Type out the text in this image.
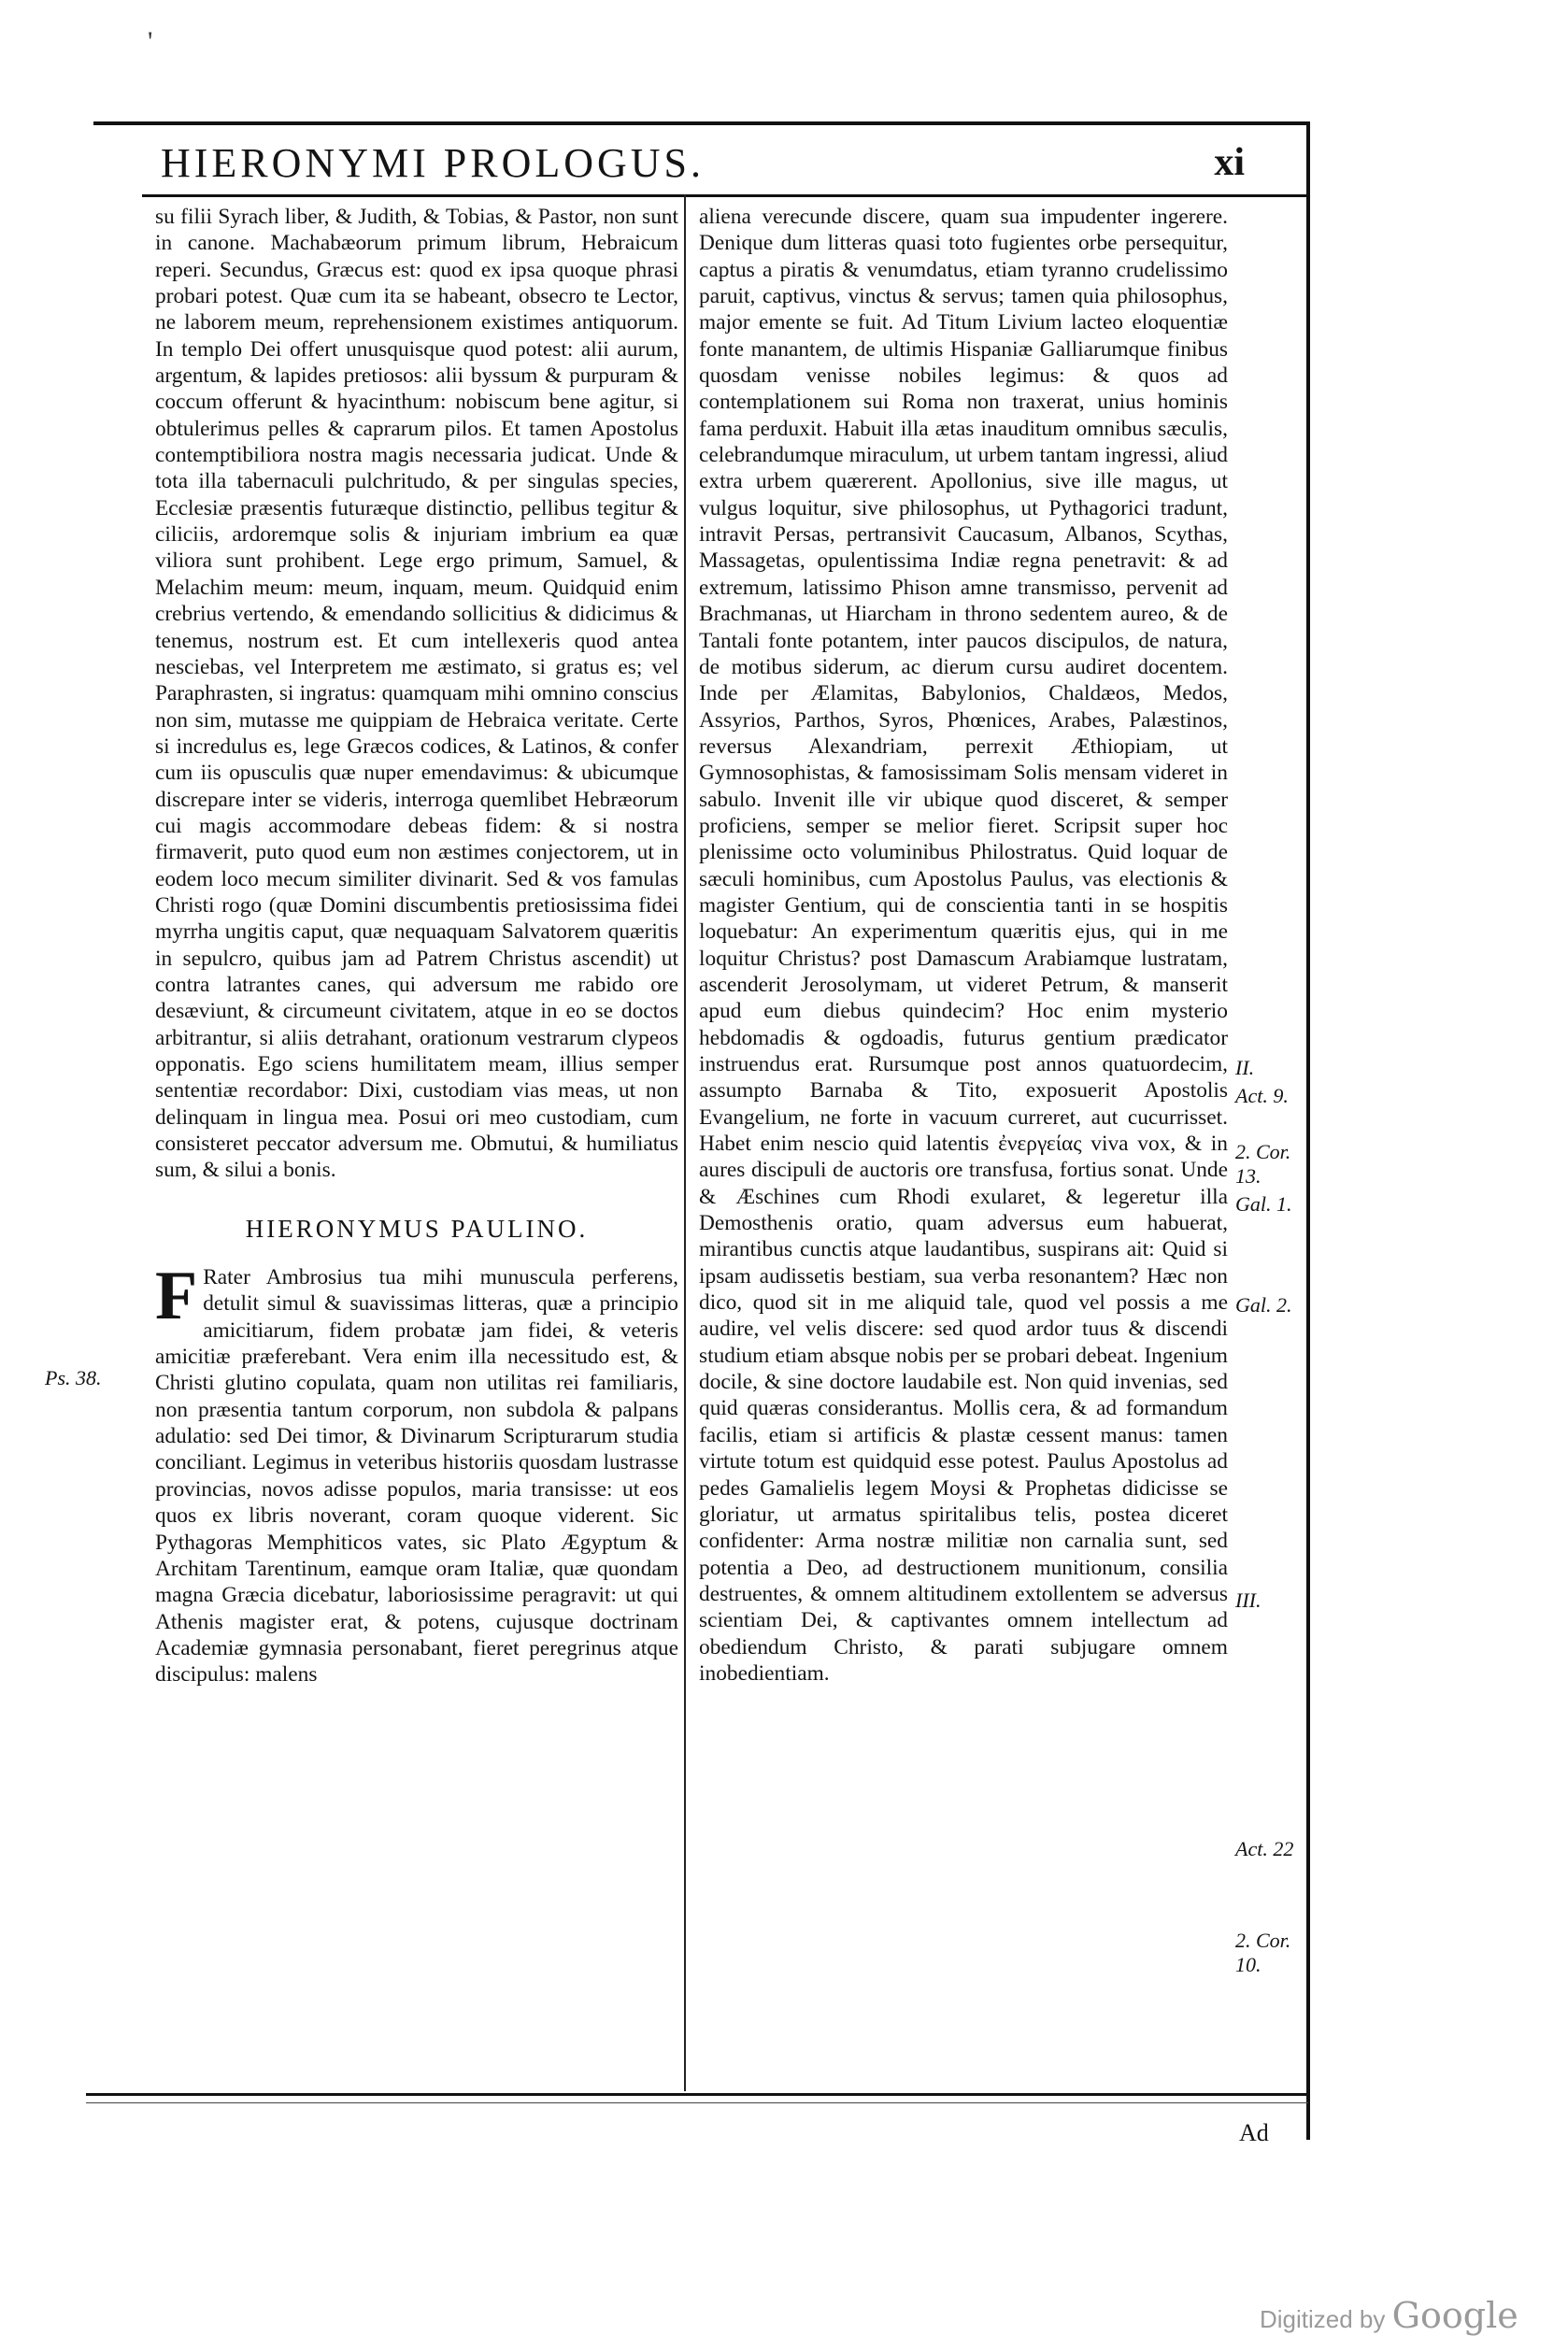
'
HIERONYMI PROLOGUS.	xi

su filii Syrach liber, & Judith, & Tobias, & Pastor, non sunt in canone. Machabæorum primum librum, Hebraicum reperi. Secundus, Græcus est: quod ex ipsa quoque phrasi probari potest. Quæ cum ita se habeant, obsecro te Lector, ne laborem meum, reprehensionem existimes antiquorum. In templo Dei offert unusquisque quod potest: alii aurum, argentum, & lapides pretiosos: alii byssum & purpuram & coccum offerunt & hyacinthum: nobiscum bene agitur, si obtulerimus pelles & caprarum pilos. Et tamen Apostolus contemptibiliora nostra magis necessaria judicat. Unde & tota illa tabernaculi pulchritudo, & per singulas species, Ecclesiæ præsentis futuræque distinctio, pellibus tegitur & ciliciis, ardoremque solis & injuriam imbrium ea quæ viliora sunt prohibent. Lege ergo primum, Samuel, & Melachim meum: meum, inquam, meum. Quidquid enim crebrius vertendo, & emendando sollicitius & didicimus & tenemus, nostrum est. Et cum intellexeris quod antea nesciebas, vel Interpretem me æstimato, si gratus es; vel Paraphrasten, si ingratus: quamquam mihi omnino conscius non sim, mutasse me quippiam de Hebraica veritate. Certe si incredulus es, lege Græcos codices, & Latinos, & confer cum iis opusculis quæ nuper emendavimus: & ubicumque discrepare inter se videris, interroga quemlibet Hebræorum cui magis accommodare debeas fidem: & si nostra firmaverit, puto quod eum non æstimes conjectorem, ut in eodem loco mecum similiter divinarit. Sed & vos famulas Christi rogo (quæ Domini discumbentis pretiosissima fidei myrrha ungitis caput, quæ nequaquam Salvatorem quæritis in sepulcro, quibus jam ad Patrem Christus ascendit) ut contra latrantes canes, qui adversum me rabido ore desæviunt, & circumeunt civitatem, atque in eo se doctos arbitrantur, si aliis detrahant, orationum vestrarum clypeos opponatis. Ego sciens humilitatem meam, illius semper sententiæ recordabor: Dixi, custodiam vias meas, ut non delinquam in lingua mea. Posui ori meo custodiam, cum consisteret peccator adversum me. Obmutui, & humiliatus sum, & silui a bonis.

HIERONYMUS PAULINO.

F Rater Ambrosius tua mihi munuscula perferens, detulit simul & suavissimas litteras, quæ a principio amicitiarum, fidem probatæ jam fidei, & veteris amicitiæ præferebant. Vera enim illa necessitudo est, & Christi glutino copulata, quam non utilitas rei familiaris, non præsentia tantum corporum, non subdola & palpans adulatio: sed Dei timor, & Divinarum Scripturarum studia conciliant. Legimus in veteribus historiis quosdam lustrasse provincias, novos adisse populos, maria transisse: ut eos quos ex libris noverant, coram quoque viderent. Sic Pythagoras Memphiticos vates, sic Plato Ægyptum & Architam Tarentinum, eamque oram Italiæ, quæ quondam magna Græcia dicebatur, laboriosissime peragravit: ut qui Athenis magister erat, & potens, cujusque doctrinam Academiæ gymnasia personabant, fieret peregrinus atque discipulus: malens

aliena verecunde discere, quam sua impudenter ingerere. Denique dum litteras quasi toto fugientes orbe persequitur, captus a piratis & venumdatus, etiam tyranno crudelissimo paruit, captivus, vinctus & servus; tamen quia philosophus, major emente se fuit. Ad Titum Livium lacteo eloquentiæ fonte manantem, de ultimis Hispaniæ Galliarumque finibus quosdam venisse nobiles legimus: & quos ad contemplationem sui Roma non traxerat, unius hominis fama perduxit. Habuit illa ætas inauditum omnibus sæculis, celebrandumque miraculum, ut urbem tantam ingressi, aliud extra urbem quærerent. Apollonius, sive ille magus, ut vulgus loquitur, sive philosophus, ut Pythagorici tradunt, intravit Persas, pertransivit Caucasum, Albanos, Scythas, Massagetas, opulentissima Indiæ regna penetravit: & ad extremum, latissimo Phison amne transmisso, pervenit ad Brachmanas, ut Hiarcham in throno sedentem aureo, & de Tantali fonte potantem, inter paucos discipulos, de natura, de motibus siderum, ac dierum cursu audiret docentem. Inde per Ælamitas, Babylonios, Chaldæos, Medos, Assyrios, Parthos, Syros, Phœnices, Arabes, Palæstinos, reversus Alexandriam, perrexit Æthiopiam, ut Gymnosophistas, & famosissimam Solis mensam videret in sabulo. Invenit ille vir ubique quod disceret, & semper proficiens, semper se melior fieret. Scripsit super hoc plenissime octo voluminibus Philostratus. Quid loquar de sæculi hominibus, cum Apostolus Paulus, vas electionis & magister Gentium, qui de conscientia tanti in se hospitis loquebatur: An experimentum quæritis ejus, qui in me loquitur Christus? post Damascum Arabiamque lustratam, ascenderit Jerosolymam, ut videret Petrum, & manserit apud eum diebus quindecim? Hoc enim mysterio hebdomadis & ogdoadis, futurus gentium prædicator instruendus erat. Rursumque post annos quatuordecim, assumpto Barnaba & Tito, exposuerit Apostolis Evangelium, ne forte in vacuum curreret, aut cucurrisset. Habet enim nescio quid latentis ἐνεργείας viva vox, & in aures discipuli de auctoris ore transfusa, fortius sonat. Unde & Æschines cum Rhodi exularet, & legeretur illa Demosthenis oratio, quam adversus eum habuerat, mirantibus cunctis atque laudantibus, suspirans ait: Quid si ipsam audissetis bestiam, sua verba resonantem? Hæc non dico, quod sit in me aliquid tale, quod vel possis a me audire, vel velis discere: sed quod ardor tuus & discendi studium etiam absque nobis per se probari debeat. Ingenium docile, & sine doctore laudabile est. Non quid invenias, sed quid quæras considerantus. Mollis cera, & ad formandum facilis, etiam si artificis & plastæ cessent manus: tamen virtute totum est quidquid esse potest. Paulus Apostolus ad pedes Gamalielis legem Moysi & Prophetas didicisse se gloriatur, ut armatus spiritalibus telis, postea diceret confidenter: Arma nostræ militiæ non carnalia sunt, sed potentia a Deo, ad destructionem munitionum, consilia destruentes, & omnem altitudinem extollentem se adversus scientiam Dei, & captivantes omnem intellectum ad obediendum Christo, & parati subjugare omnem inobedientiam.

Ad
Ps. 38.
II.
Act. 9.
2. Cor. 13.
Gal. 1.
Gal. 2.
III.
Act. 22
2. Cor. 10.
Digitized by Google
